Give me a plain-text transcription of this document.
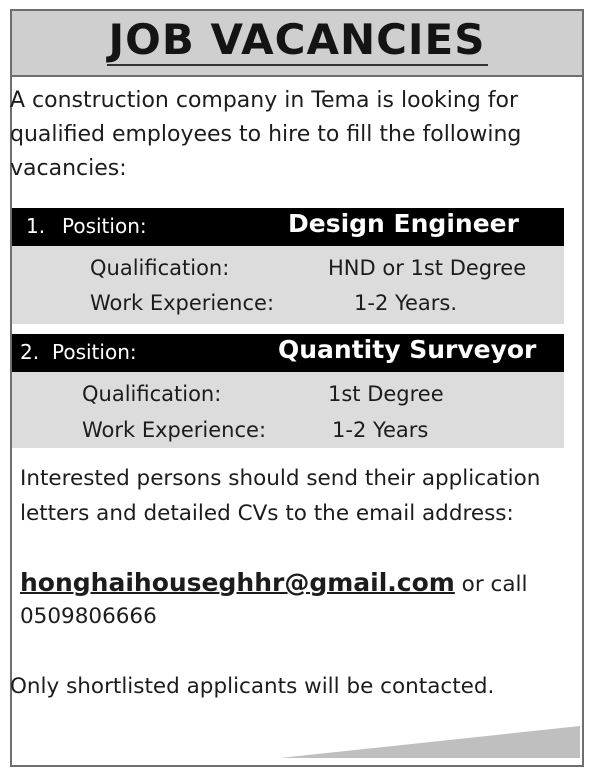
JOB VACANCIES
A construction company in Tema is looking for qualified employees to hire to fill the following vacancies:
1. Position:	Design Engineer
Qualification:	HND or 1st Degree
Work Experience:	1-2 Years.
2. Position:	Quantity Surveyor
Qualification:	1st Degree
Work Experience:	1-2 Years
Interested persons should send their application letters and detailed CVs to the email address:
honghaihouseghhr@gmail.com or call
0509806666
Only shortlisted applicants will be contacted.
